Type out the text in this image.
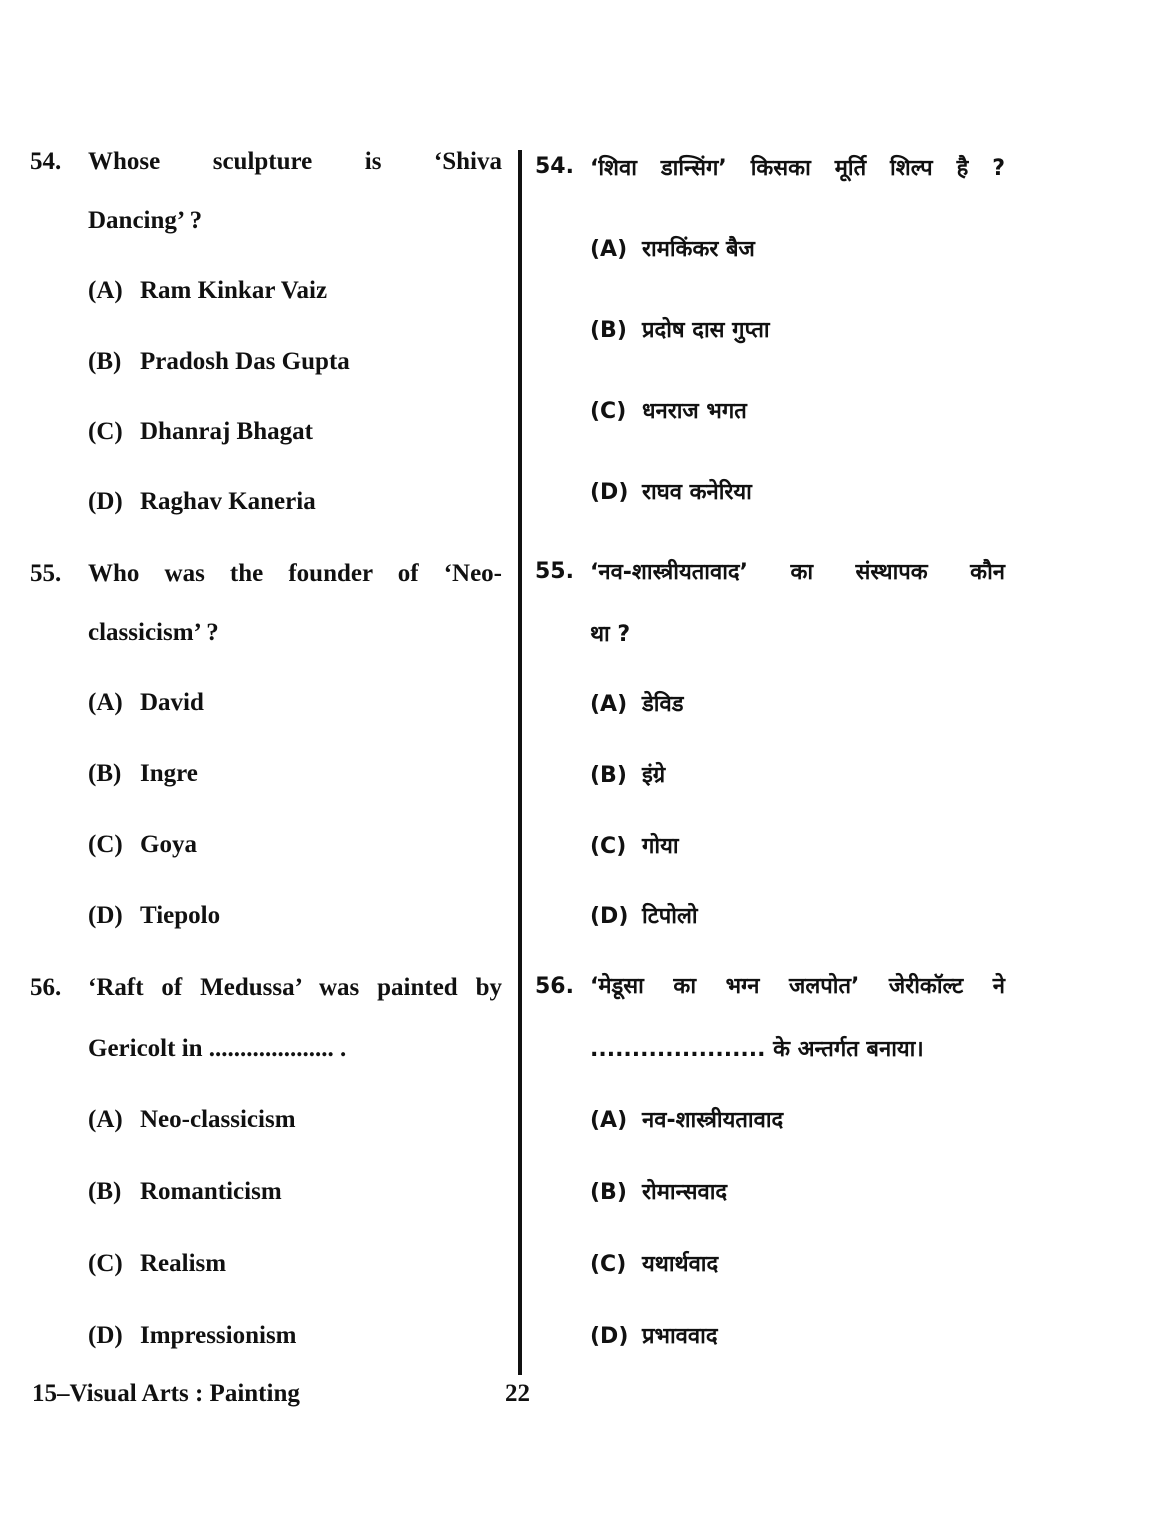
54. Whose sculpture is ‘Shiva
Dancing’ ?
(A) Ram Kinkar Vaiz
(B) Pradosh Das Gupta
(C) Dhanraj Bhagat
(D) Raghav Kaneria
55. Who was the founder of ‘Neo-
classicism’ ?
(A) David
(B) Ingre
(C) Goya
(D) Tiepolo
56. ‘Raft of Medussa’ was painted by
Gericolt in .................... .
(A) Neo-classicism
(B) Romanticism
(C) Realism
(D) Impressionism
54. ‘शिवा डान्सिंग’ किसका मूर्ति शिल्प है ?
(A) रामकिंकर बैज
(B) प्रदोष दास गुप्ता
(C) धनराज भगत
(D) राघव कनेरिया
55. ‘नव-शास्त्रीयतावाद’ का संस्थापक कौन
था ?
(A) डेविड
(B) इंग्रे
(C) गोया
(D) टिपोलो
56. ‘मेडूसा का भग्न जलपोत’ जेरीकॉल्ट ने
..................... के अन्तर्गत बनाया।
(A) नव-शास्त्रीयतावाद
(B) रोमान्सवाद
(C) यथार्थवाद
(D) प्रभाववाद
15–Visual Arts : Painting	22
